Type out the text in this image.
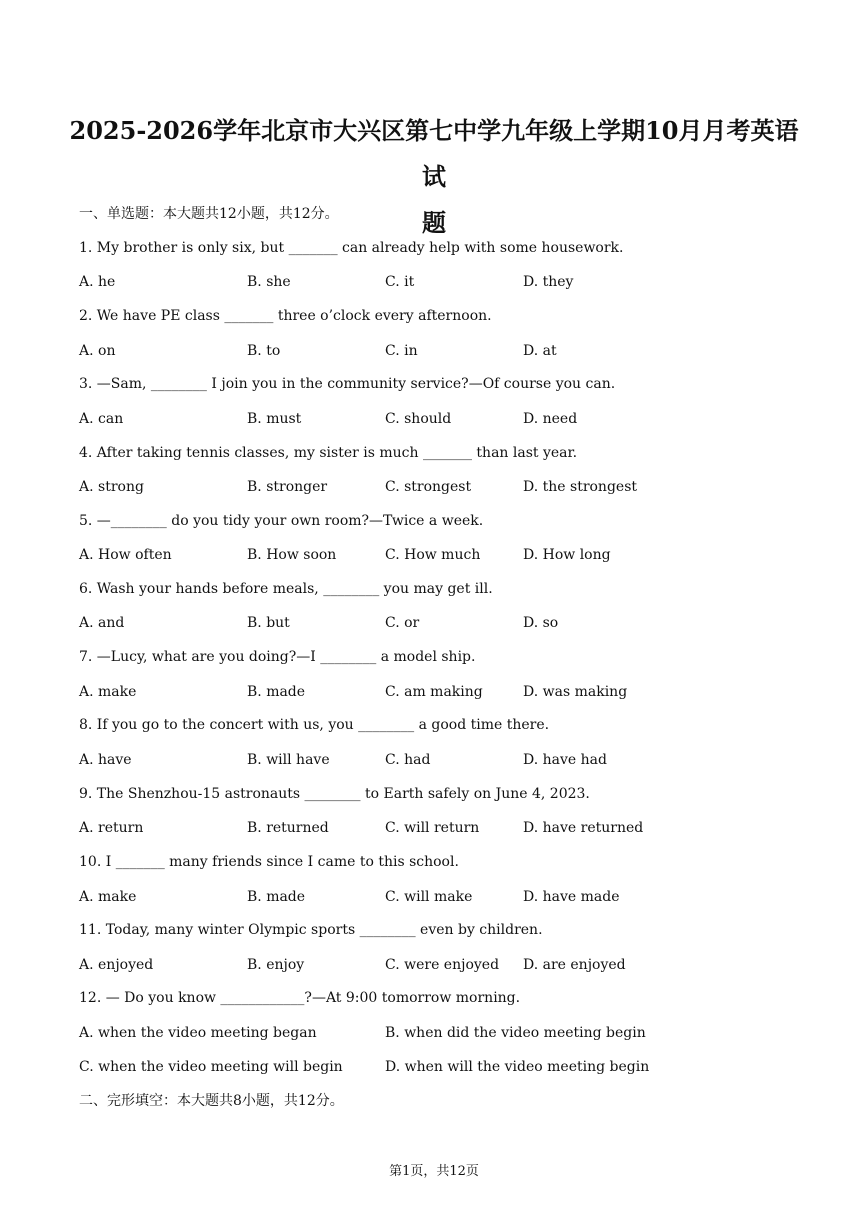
2025-2026学年北京市大兴区第七中学九年级上学期10月月考英语试
题
一、单选题：本大题共12小题，共12分。
1. My brother is only six, but _______ can already help with some housework.
A. he	B. she	C. it	D. they
2. We have PE class _______ three o’clock every afternoon.
A. on	B. to	C. in	D. at
3. —Sam, ________ I join you in the community service?—Of course you can.
A. can	B. must	C. should	D. need
4. After taking tennis classes, my sister is much _______ than last year.
A. strong	B. stronger	C. strongest	D. the strongest
5. —________ do you tidy your own room?—Twice a week.
A. How often	B. How soon	C. How much	D. How long
6. Wash your hands before meals, ________ you may get ill.
A. and	B. but	C. or	D. so
7. —Lucy, what are you doing?—I ________ a model ship.
A. make	B. made	C. am making	D. was making
8. If you go to the concert with us, you ________ a good time there.
A. have	B. will have	C. had	D. have had
9. The Shenzhou-15 astronauts ________ to Earth safely on June 4, 2023.
A. return	B. returned	C. will return	D. have returned
10. I _______ many friends since I came to this school.
A. make	B. made	C. will make	D. have made
11. Today, many winter Olympic sports ________ even by children.
A. enjoyed	B. enjoy	C. were enjoyed D. are enjoyed
12. — Do you know ____________?—At 9:00 tomorrow morning.
A. when the video meeting began	B. when did the video meeting begin
C. when the video meeting will begin	D. when will the video meeting begin
二、完形填空：本大题共8小题，共12分。
第1页，共12页
